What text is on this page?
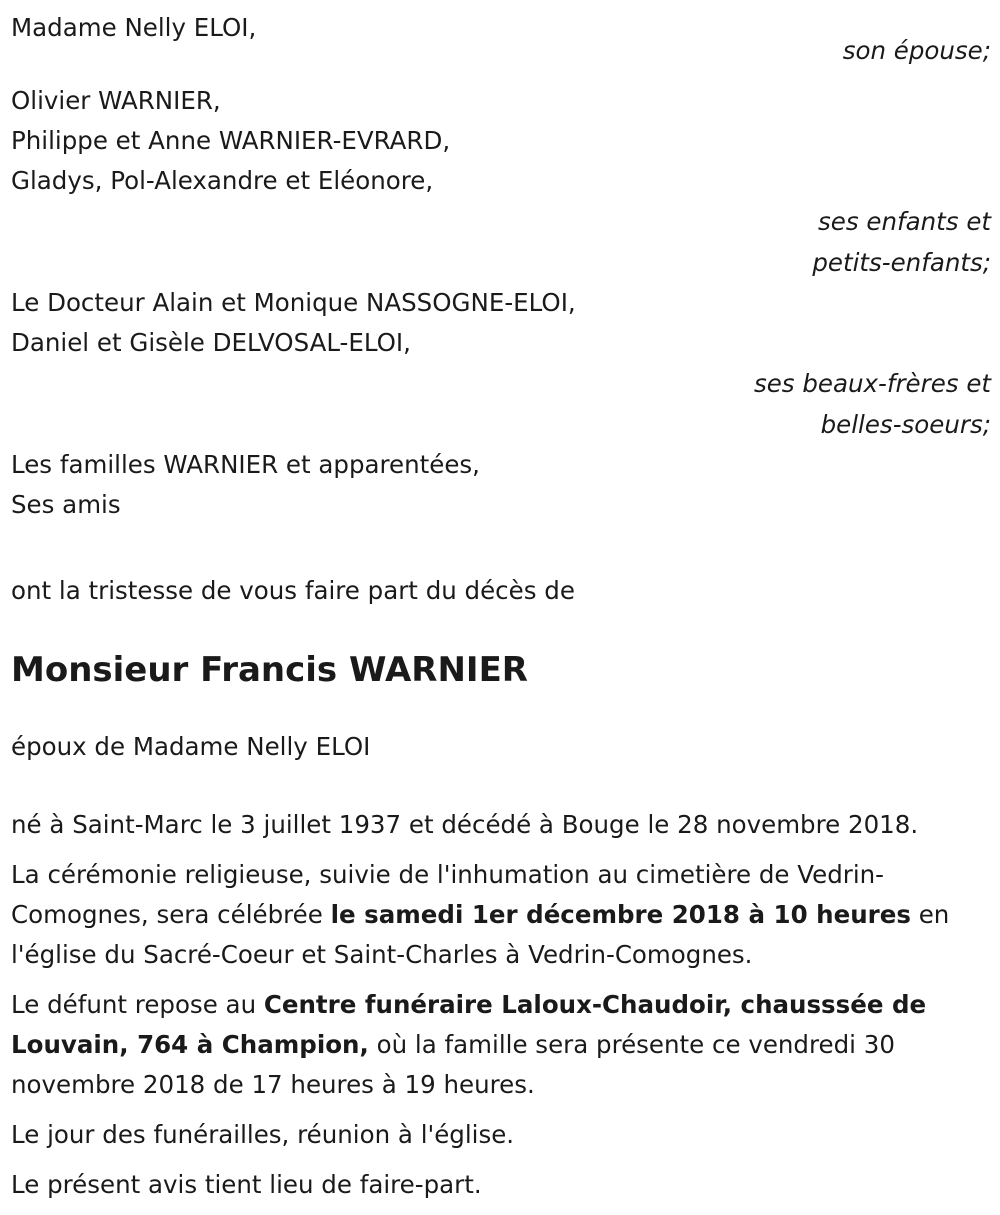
Madame Nelly ELOI,
son épouse;
Olivier WARNIER,
Philippe et Anne WARNIER-EVRARD,
Gladys, Pol-Alexandre et Eléonore,
ses enfants et
petits-enfants;
Le Docteur Alain et Monique NASSOGNE-ELOI,
Daniel et Gisèle DELVOSAL-ELOI,
ses beaux-frères et
belles-soeurs;
Les familles WARNIER et apparentées,
Ses amis
ont la tristesse de vous faire part du décès de
Monsieur Francis WARNIER
époux de Madame Nelly ELOI

né à Saint-Marc le 3 juillet 1937 et décédé à Bouge le 28 novembre 2018.

La cérémonie religieuse, suivie de l'inhumation au cimetière de Vedrin-Comognes, sera célébrée le samedi 1er décembre 2018 à 10 heures en l'église du Sacré-Coeur et Saint-Charles à Vedrin-Comognes.

Le défunt repose au Centre funéraire Laloux-Chaudoir, chausssée de Louvain, 764 à Champion, où la famille sera présente ce vendredi 30 novembre 2018 de 17 heures à 19 heures.

Le jour des funérailles, réunion à l'église.

Le présent avis tient lieu de faire-part.
